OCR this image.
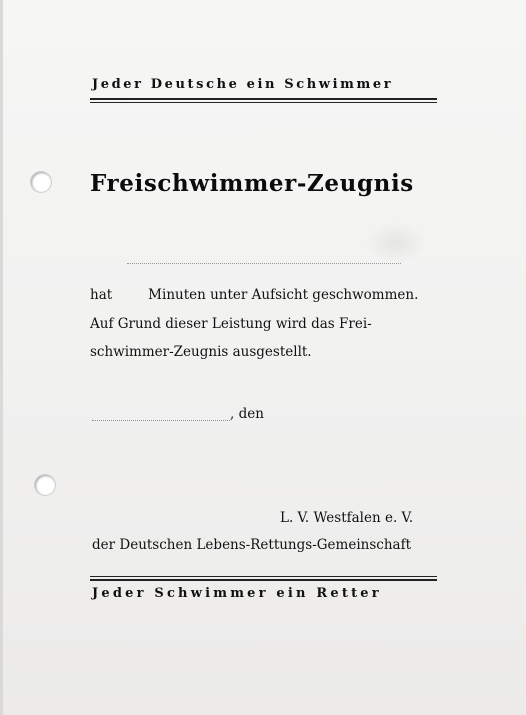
Jeder Deutsche ein Schwimmer
Freischwimmer-Zeugnis
hat	Minuten unter Aufsicht geschwommen.
Auf Grund dieser Leistung wird das Frei-
schwimmer-Zeugnis ausgestellt.
, den
L. V. Westfalen e. V.
der Deutschen Lebens-Rettungs-Gemeinschaft
Jeder Schwimmer ein Retter
